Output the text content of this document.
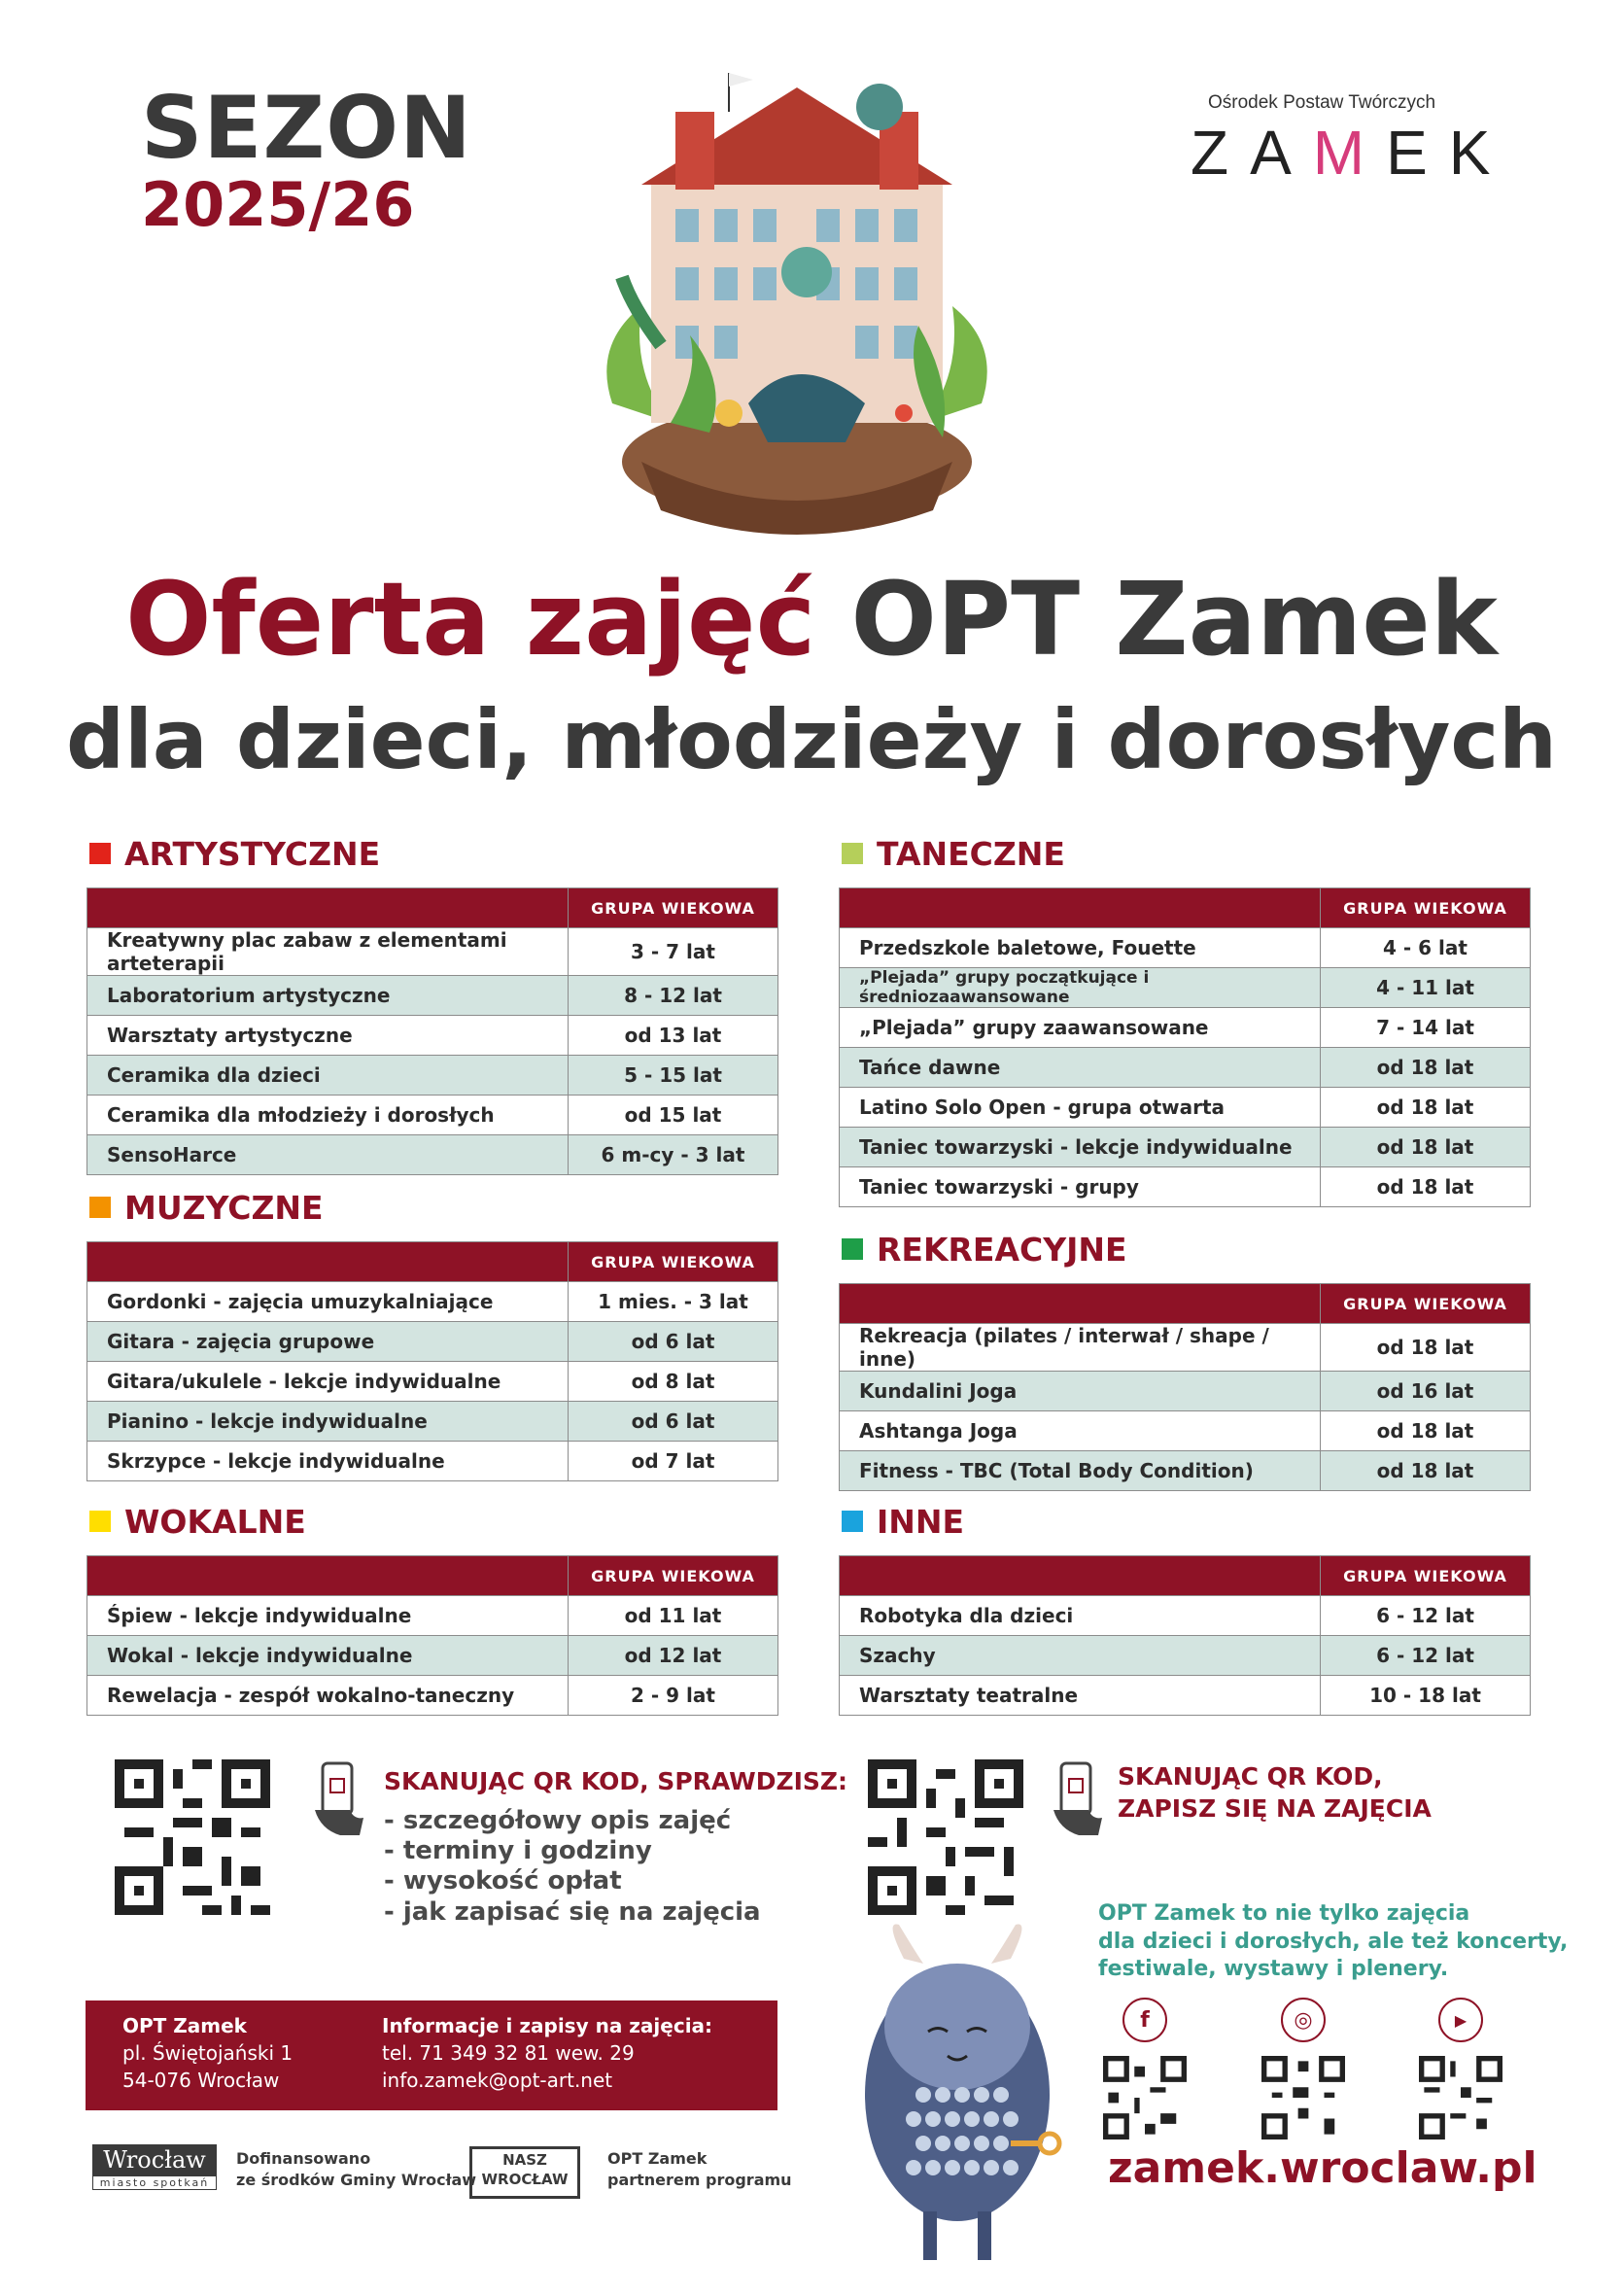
SEZON
2025/26
Ośrodek Postaw Twórczych
ZAMEK
Oferta zajęć OPT Zamek
dla dzieci, młodzieży i dorosłych
ARTYSTYCZNE
	GRUPA WIEKOWA
Kreatywny plac zabaw z elementami arteterapii	3 - 7 lat
Laboratorium artystyczne	8 - 12 lat
Warsztaty artystyczne	od 13 lat
Ceramika dla dzieci	5 - 15 lat
Ceramika dla młodzieży i dorosłych	od 15 lat
SensoHarce	6 m-cy - 3 lat
MUZYCZNE
	GRUPA WIEKOWA
Gordonki - zajęcia umuzykalniające	1 mies. - 3 lat
Gitara - zajęcia grupowe	od 6 lat
Gitara/ukulele - lekcje indywidualne	od 8 lat
Pianino - lekcje indywidualne	od 6 lat
Skrzypce - lekcje indywidualne	od 7 lat
WOKALNE
	GRUPA WIEKOWA
Śpiew - lekcje indywidualne	od 11 lat
Wokal - lekcje indywidualne	od 12 lat
Rewelacja - zespół wokalno-taneczny	2 - 9 lat
TANECZNE
	GRUPA WIEKOWA
Przedszkole baletowe, Fouette	4 - 6 lat
„Plejada” grupy początkujące i średniozaawansowane	4 - 11 lat
„Plejada” grupy zaawansowane	7 - 14 lat
Tańce dawne	od 18 lat
Latino Solo Open - grupa otwarta	od 18 lat
Taniec towarzyski - lekcje indywidualne	od 18 lat
Taniec towarzyski - grupy	od 18 lat
REKREACYJNE
	GRUPA WIEKOWA
Rekreacja (pilates / interwał / shape / inne)	od 18 lat
Kundalini Joga	od 16 lat
Ashtanga Joga	od 18 lat
Fitness - TBC (Total Body Condition)	od 18 lat
INNE
	GRUPA WIEKOWA
Robotyka dla dzieci	6 - 12 lat
Szachy	6 - 12 lat
Warsztaty teatralne	10 - 18 lat
SKANUJĄC QR KOD, SPRAWDZISZ:
- szczegółowy opis zajęć
- terminy i godziny
- wysokość opłat
- jak zapisać się na zajęcia
SKANUJĄC QR KOD,
ZAPISZ SIĘ NA ZAJĘCIA
OPT Zamek to nie tylko zajęcia
dla dzieci i dorosłych, ale też koncerty,
festiwale, wystawy i plenery.
f	◎	▶
zamek.wroclaw.pl
OPT Zamek
pl. Świętojański 1
54-076 Wrocław
Informacje i zapisy na zajęcia:
tel. 71 349 32 81 wew. 29
info.zamek@opt-art.net
Wrocław
miasto spotkań
Dofinansowano
ze środków Gminy Wrocław
NASZ
WROCŁAW
OPT Zamek
partnerem programu
